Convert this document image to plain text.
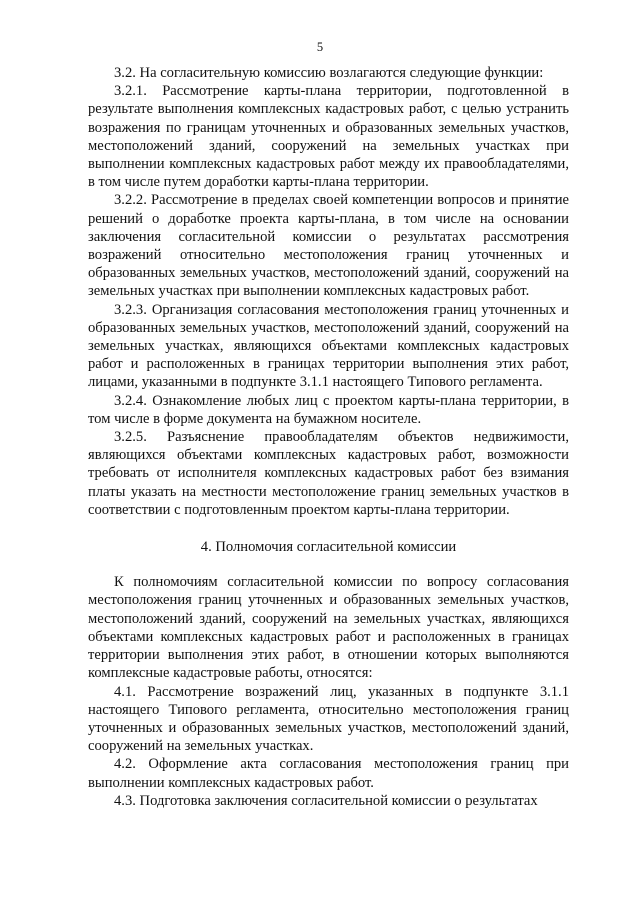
5

3.2. На согласительную комиссию возлагаются следующие функции:

3.2.1. Рассмотрение карты-плана территории, подготовленной в результате выполнения комплексных кадастровых работ, с целью устранить возражения по границам уточненных и образованных земельных участков, местоположений зданий, сооружений на земельных участках при выполнении комплексных кадастровых работ между их правообладателями, в том числе путем доработки карты-плана территории.

3.2.2. Рассмотрение в пределах своей компетенции вопросов и принятие решений о доработке проекта карты-плана, в том числе на основании заключения согласительной комиссии о результатах рассмотрения возражений относительно местоположения границ уточненных и образованных земельных участков, местоположений зданий, сооружений на земельных участках при выполнении комплексных кадастровых работ.

3.2.3. Организация согласования местоположения границ уточненных и образованных земельных участков, местоположений зданий, сооружений на земельных участках, являющихся объектами комплексных кадастровых работ и расположенных в границах территории выполнения этих работ, лицами, указанными в подпункте 3.1.1 настоящего Типового регламента.

3.2.4. Ознакомление любых лиц с проектом карты-плана территории, в том числе в форме документа на бумажном носителе.

3.2.5. Разъяснение правообладателям объектов недвижимости, являющихся объектами комплексных кадастровых работ, возможности требовать от исполнителя комплексных кадастровых работ без взимания платы указать на местности местоположение границ земельных участков в соответствии с подготовленным проектом карты-плана территории.

4. Полномочия согласительной комиссии

К полномочиям согласительной комиссии по вопросу согласования местоположения границ уточненных и образованных земельных участков, местоположений зданий, сооружений на земельных участках, являющихся объектами комплексных кадастровых работ и расположенных в границах территории выполнения этих работ, в отношении которых выполняются комплексные кадастровые работы, относятся:

4.1. Рассмотрение возражений лиц, указанных в подпункте 3.1.1 настоящего Типового регламента, относительно местоположения границ уточненных и образованных земельных участков, местоположений зданий, сооружений на земельных участках.

4.2. Оформление акта согласования местоположения границ при выполнении комплексных кадастровых работ.

4.3. Подготовка заключения согласительной комиссии о результатах
